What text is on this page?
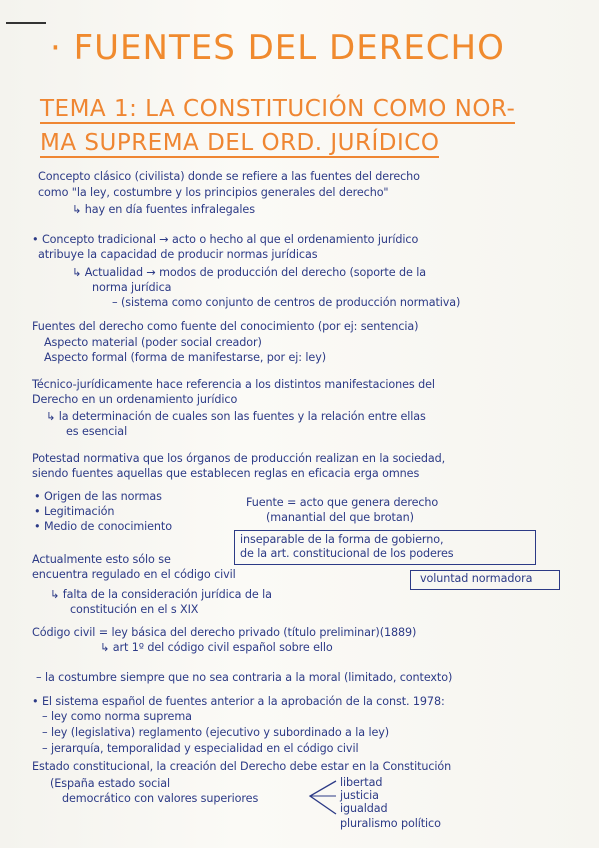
· FUENTES DEL DERECHO
TEMA 1: LA CONSTITUCIÓN COMO NOR-
MA SUPREMA DEL ORD. JURÍDICO
Concepto clásico (civilista) donde se refiere a las fuentes del derecho
como "la ley, costumbre y los principios generales del derecho"
↳ hay en día fuentes infralegales
• Concepto tradicional → acto o hecho al que el ordenamiento jurídico
atribuye la capacidad de producir normas jurídicas
↳ Actualidad → modos de producción del derecho (soporte de la
norma jurídica
– (sistema como conjunto de centros de producción normativa)
Fuentes del derecho como fuente del conocimiento (por ej: sentencia)
Aspecto material (poder social creador)
Aspecto formal (forma de manifestarse, por ej: ley)
Técnico-jurídicamente hace referencia a los distintos manifestaciones del
Derecho en un ordenamiento jurídico
↳ la determinación de cuales son las fuentes y la relación entre ellas
es esencial
Potestad normativa que los órganos de producción realizan en la sociedad,
siendo fuentes aquellas que establecen reglas en eficacia erga omnes
• Origen de las normas
• Legitimación
• Medio de conocimiento
Fuente = acto que genera derecho
(manantial del que brotan)
inseparable de la forma de gobierno,
de la art. constitucional de los poderes
Actualmente esto sólo se
encuentra regulado en el código civil	voluntad normadora
↳ falta de la consideración jurídica de la
constitución en el s XIX
Código civil = ley básica del derecho privado (título preliminar)(1889)
↳ art 1º del código civil español sobre ello
– la costumbre siempre que no sea contraria a la moral (limitado, contexto)
• El sistema español de fuentes anterior a la aprobación de la const. 1978:
– ley como norma suprema
– ley (legislativa) reglamento (ejecutivo y subordinado a la ley)
– jerarquía, temporalidad y especialidad en el código civil
Estado constitucional, la creación del Derecho debe estar en la Constitución
(España estado social
democrático con valores superiores
libertad
justicia
igualdad
pluralismo político
